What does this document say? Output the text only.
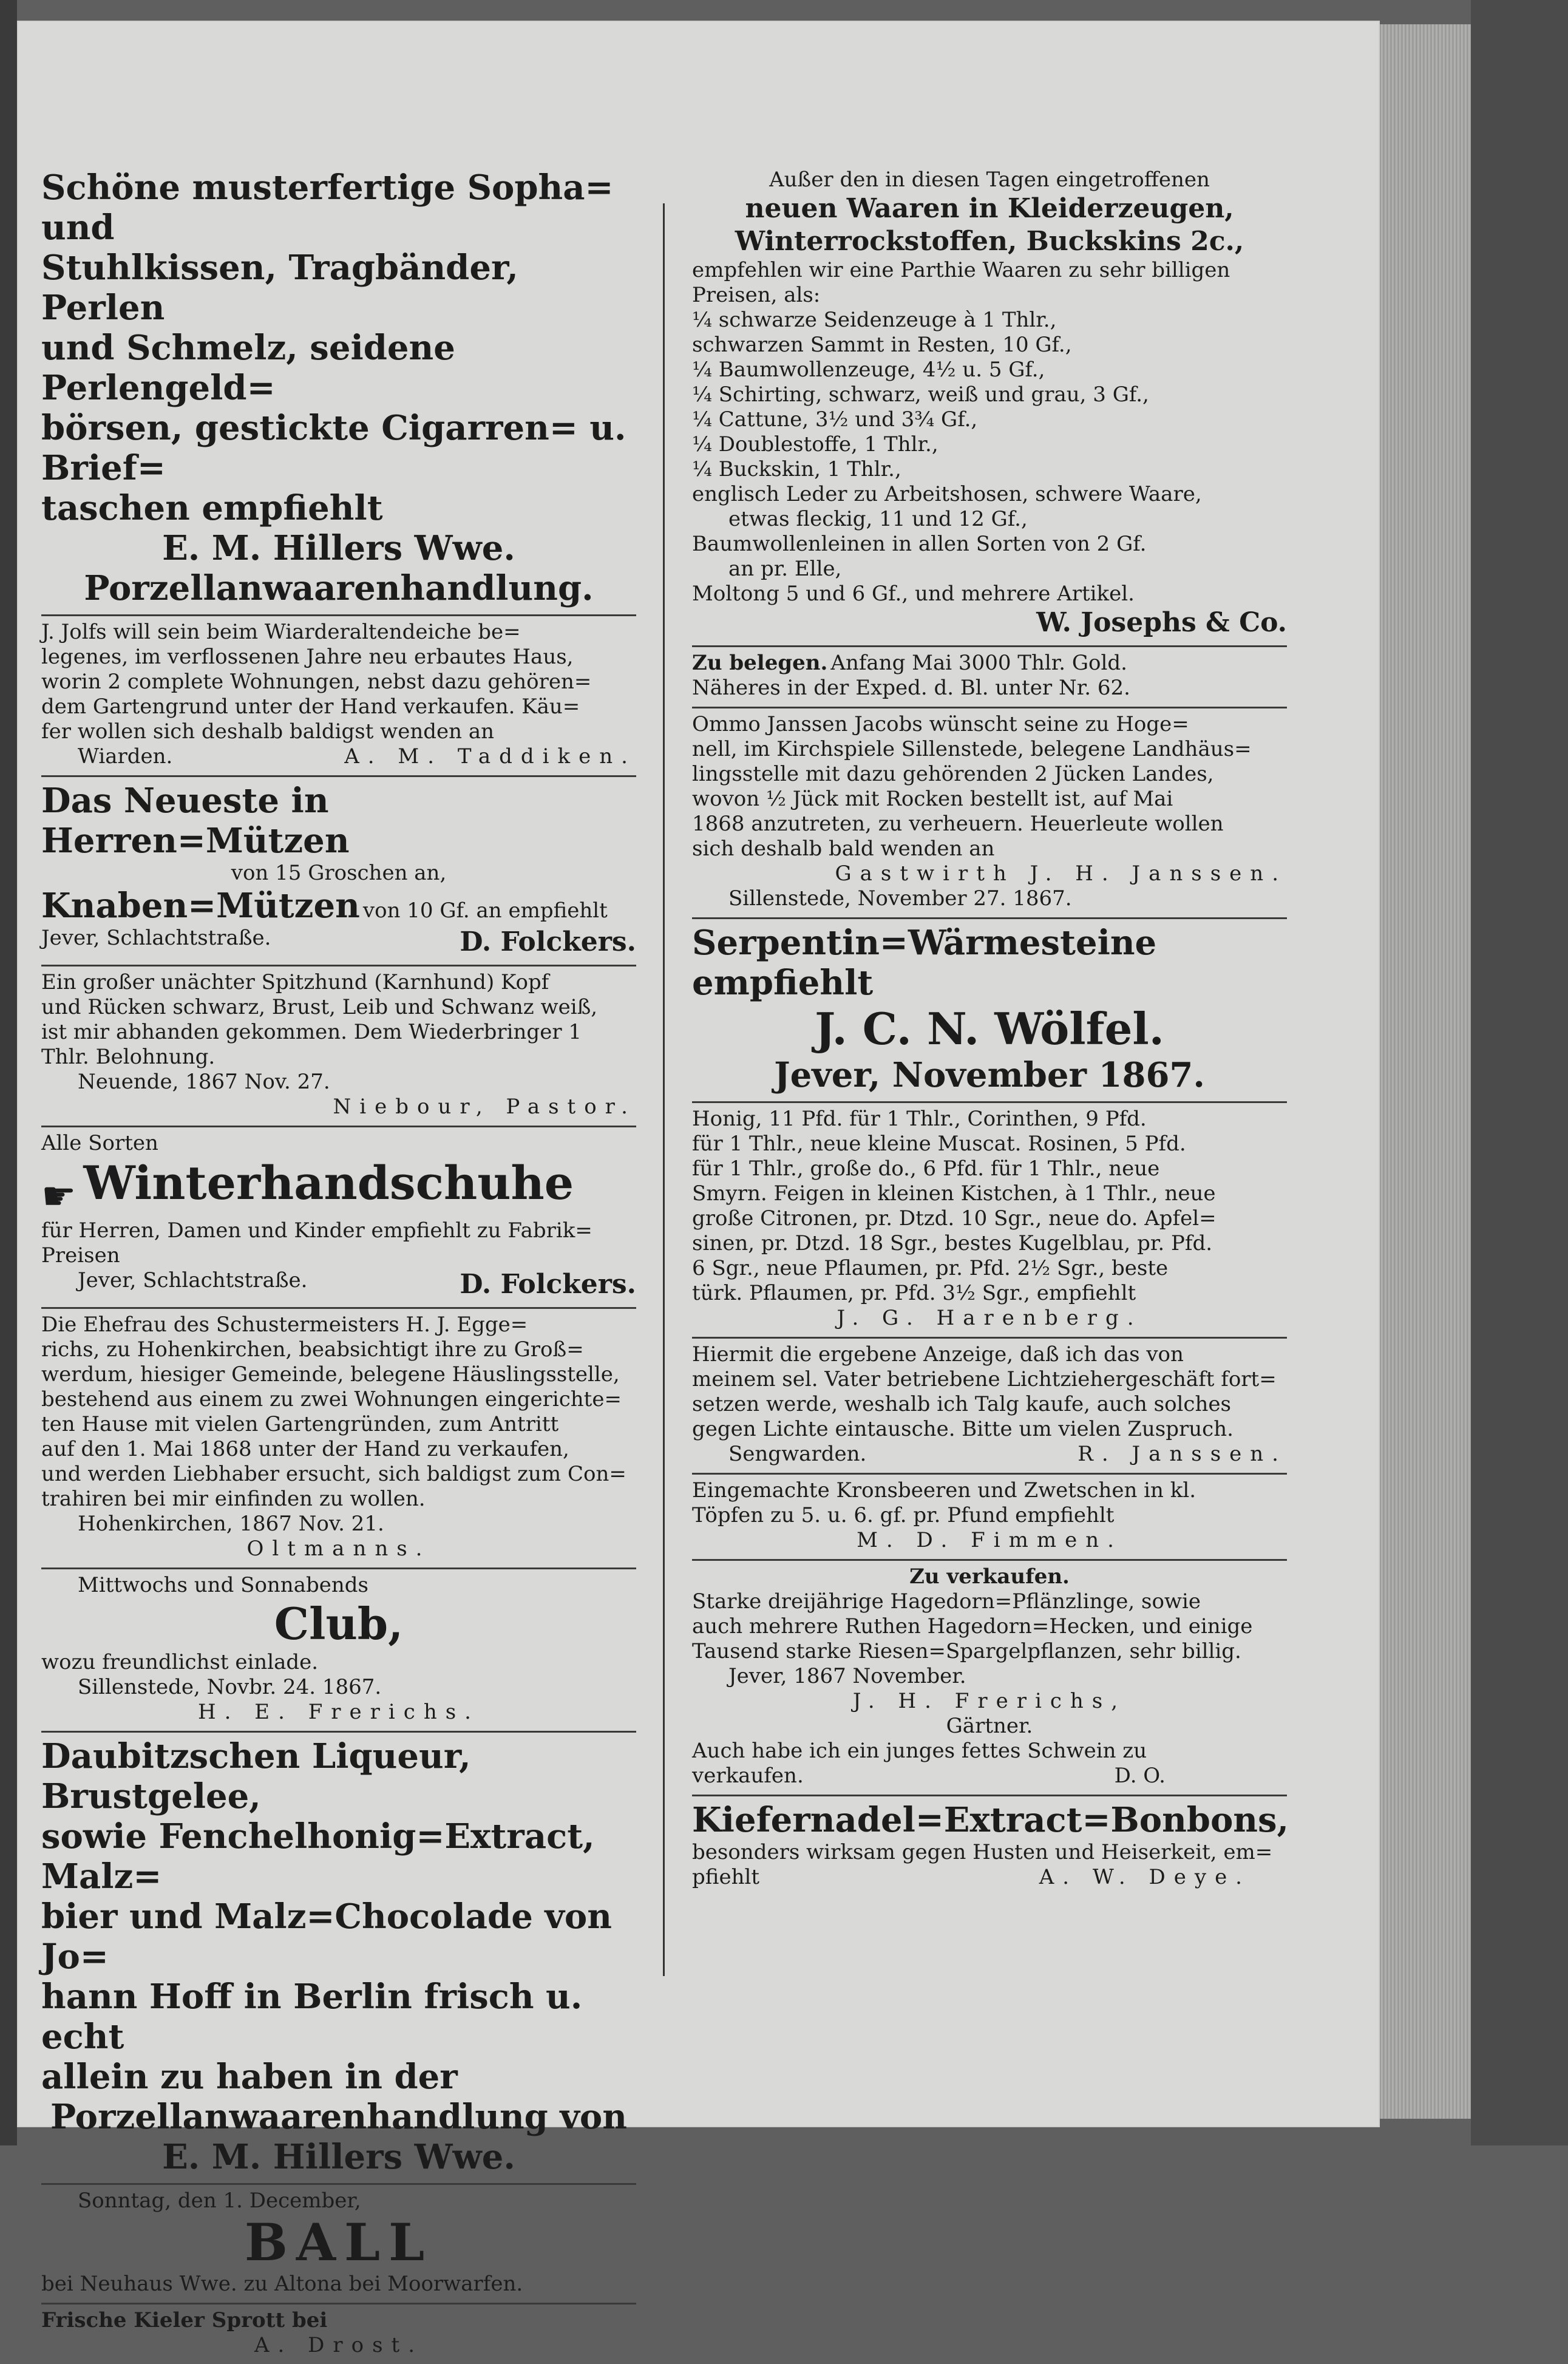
Schöne musterfertige Sopha= und

Stuhlkissen, Tragbänder, Perlen

und Schmelz, seidene Perlengeld=

börsen, gestickte Cigarren= u. Brief=

taschen empfiehlt

E. M. Hillers Wwe.

Porzellanwaarenhandlung.

J. Jolfs will sein beim Wiarderaltendeiche be=

legenes, im verflossenen Jahre neu erbautes Haus,

worin 2 complete Wohnungen, nebst dazu gehören=

dem Gartengrund unter der Hand verkaufen. Käu=

fer wollen sich deshalb baldigst wenden an

Wiarden.	A. M. Taddiken.

Das Neueste in Herren=Mützen

von 15 Groschen an,

Knaben=Mützen von 10 Gf. an empfiehlt

Jever, Schlachtstraße.	D. Folckers.

Ein großer unächter Spitzhund (Karnhund) Kopf

und Rücken schwarz, Brust, Leib und Schwanz weiß,

ist mir abhanden gekommen. Dem Wiederbringer 1

Thlr. Belohnung.

Neuende, 1867 Nov. 27.

Niebour, Pastor.

Alle Sorten

☛ Winterhandschuhe

für Herren, Damen und Kinder empfiehlt zu Fabrik=

Preisen

Jever, Schlachtstraße.	D. Folckers.

Die Ehefrau des Schustermeisters H. J. Egge=

richs, zu Hohenkirchen, beabsichtigt ihre zu Groß=

werdum, hiesiger Gemeinde, belegene Häuslingsstelle,

bestehend aus einem zu zwei Wohnungen eingerichte=

ten Hause mit vielen Gartengründen, zum Antritt

auf den 1. Mai 1868 unter der Hand zu verkaufen,

und werden Liebhaber ersucht, sich baldigst zum Con=

trahiren bei mir einfinden zu wollen.

Hohenkirchen, 1867 Nov. 21.

Oltmanns.

Mittwochs und Sonnabends

Club,

wozu freundlichst einlade.

Sillenstede, Novbr. 24. 1867.

H. E. Frerichs.

Daubitzschen Liqueur, Brustgelee,

sowie Fenchelhonig=Extract, Malz=

bier und Malz=Chocolade von Jo=

hann Hoff in Berlin frisch u. echt

allein zu haben in der

Porzellanwaarenhandlung von

E. M. Hillers Wwe.

Sonntag, den 1. December,

BALL

bei Neuhaus Wwe. zu Altona bei Moorwarfen.

Frische Kieler Sprott bei

A. Drost.

Außer den in diesen Tagen eingetroffenen

neuen Waaren in Kleiderzeugen,

Winterrockstoffen, Buckskins 2c.,

empfehlen wir eine Parthie Waaren zu sehr billigen

Preisen, als:

¼ schwarze Seidenzeuge à 1 Thlr.,

schwarzen Sammt in Resten, 10 Gf.,

¼ Baumwollenzeuge, 4½ u. 5 Gf.,

¼ Schirting, schwarz, weiß und grau, 3 Gf.,

¼ Cattune, 3½ und 3¾ Gf.,

¼ Doublestoffe, 1 Thlr.,

¼ Buckskin, 1 Thlr.,

englisch Leder zu Arbeitshosen, schwere Waare,

etwas fleckig, 11 und 12 Gf.,

Baumwollenleinen in allen Sorten von 2 Gf.

an pr. Elle,

Moltong 5 und 6 Gf., und mehrere Artikel.

W. Josephs & Co.

Zu belegen. Anfang Mai 3000 Thlr. Gold.

Näheres in der Exped. d. Bl. unter Nr. 62.

Ommo Janssen Jacobs wünscht seine zu Hoge=

nell, im Kirchspiele Sillenstede, belegene Landhäus=

lingsstelle mit dazu gehörenden 2 Jücken Landes,

wovon ½ Jück mit Rocken bestellt ist, auf Mai

1868 anzutreten, zu verheuern. Heuerleute wollen

sich deshalb bald wenden an

Gastwirth J. H. Janssen.

Sillenstede, November 27. 1867.

Serpentin=Wärmesteine

empfiehlt

J. C. N. Wölfel.

Jever, November 1867.

Honig, 11 Pfd. für 1 Thlr., Corinthen, 9 Pfd.

für 1 Thlr., neue kleine Muscat. Rosinen, 5 Pfd.

für 1 Thlr., große do., 6 Pfd. für 1 Thlr., neue

Smyrn. Feigen in kleinen Kistchen, à 1 Thlr., neue

große Citronen, pr. Dtzd. 10 Sgr., neue do. Apfel=

sinen, pr. Dtzd. 18 Sgr., bestes Kugelblau, pr. Pfd.

6 Sgr., neue Pflaumen, pr. Pfd. 2½ Sgr., beste

türk. Pflaumen, pr. Pfd. 3½ Sgr., empfiehlt

J. G. Harenberg.

Hiermit die ergebene Anzeige, daß ich das von

meinem sel. Vater betriebene Lichtziehergeschäft fort=

setzen werde, weshalb ich Talg kaufe, auch solches

gegen Lichte eintausche. Bitte um vielen Zuspruch.

Sengwarden.	R. Janssen.

Eingemachte Kronsbeeren und Zwetschen in kl.

Töpfen zu 5. u. 6. gf. pr. Pfund empfiehlt

M. D. Fimmen.

Zu verkaufen.

Starke dreijährige Hagedorn=Pflänzlinge, sowie

auch mehrere Ruthen Hagedorn=Hecken, und einige

Tausend starke Riesen=Spargelpflanzen, sehr billig.

Jever, 1867 November.

J. H. Frerichs,

Gärtner.

Auch habe ich ein junges fettes Schwein zu

verkaufen.	D. O.

Kiefernadel=Extract=Bonbons,

besonders wirksam gegen Husten und Heiserkeit, em=

pfiehlt	A. W. Deye.
